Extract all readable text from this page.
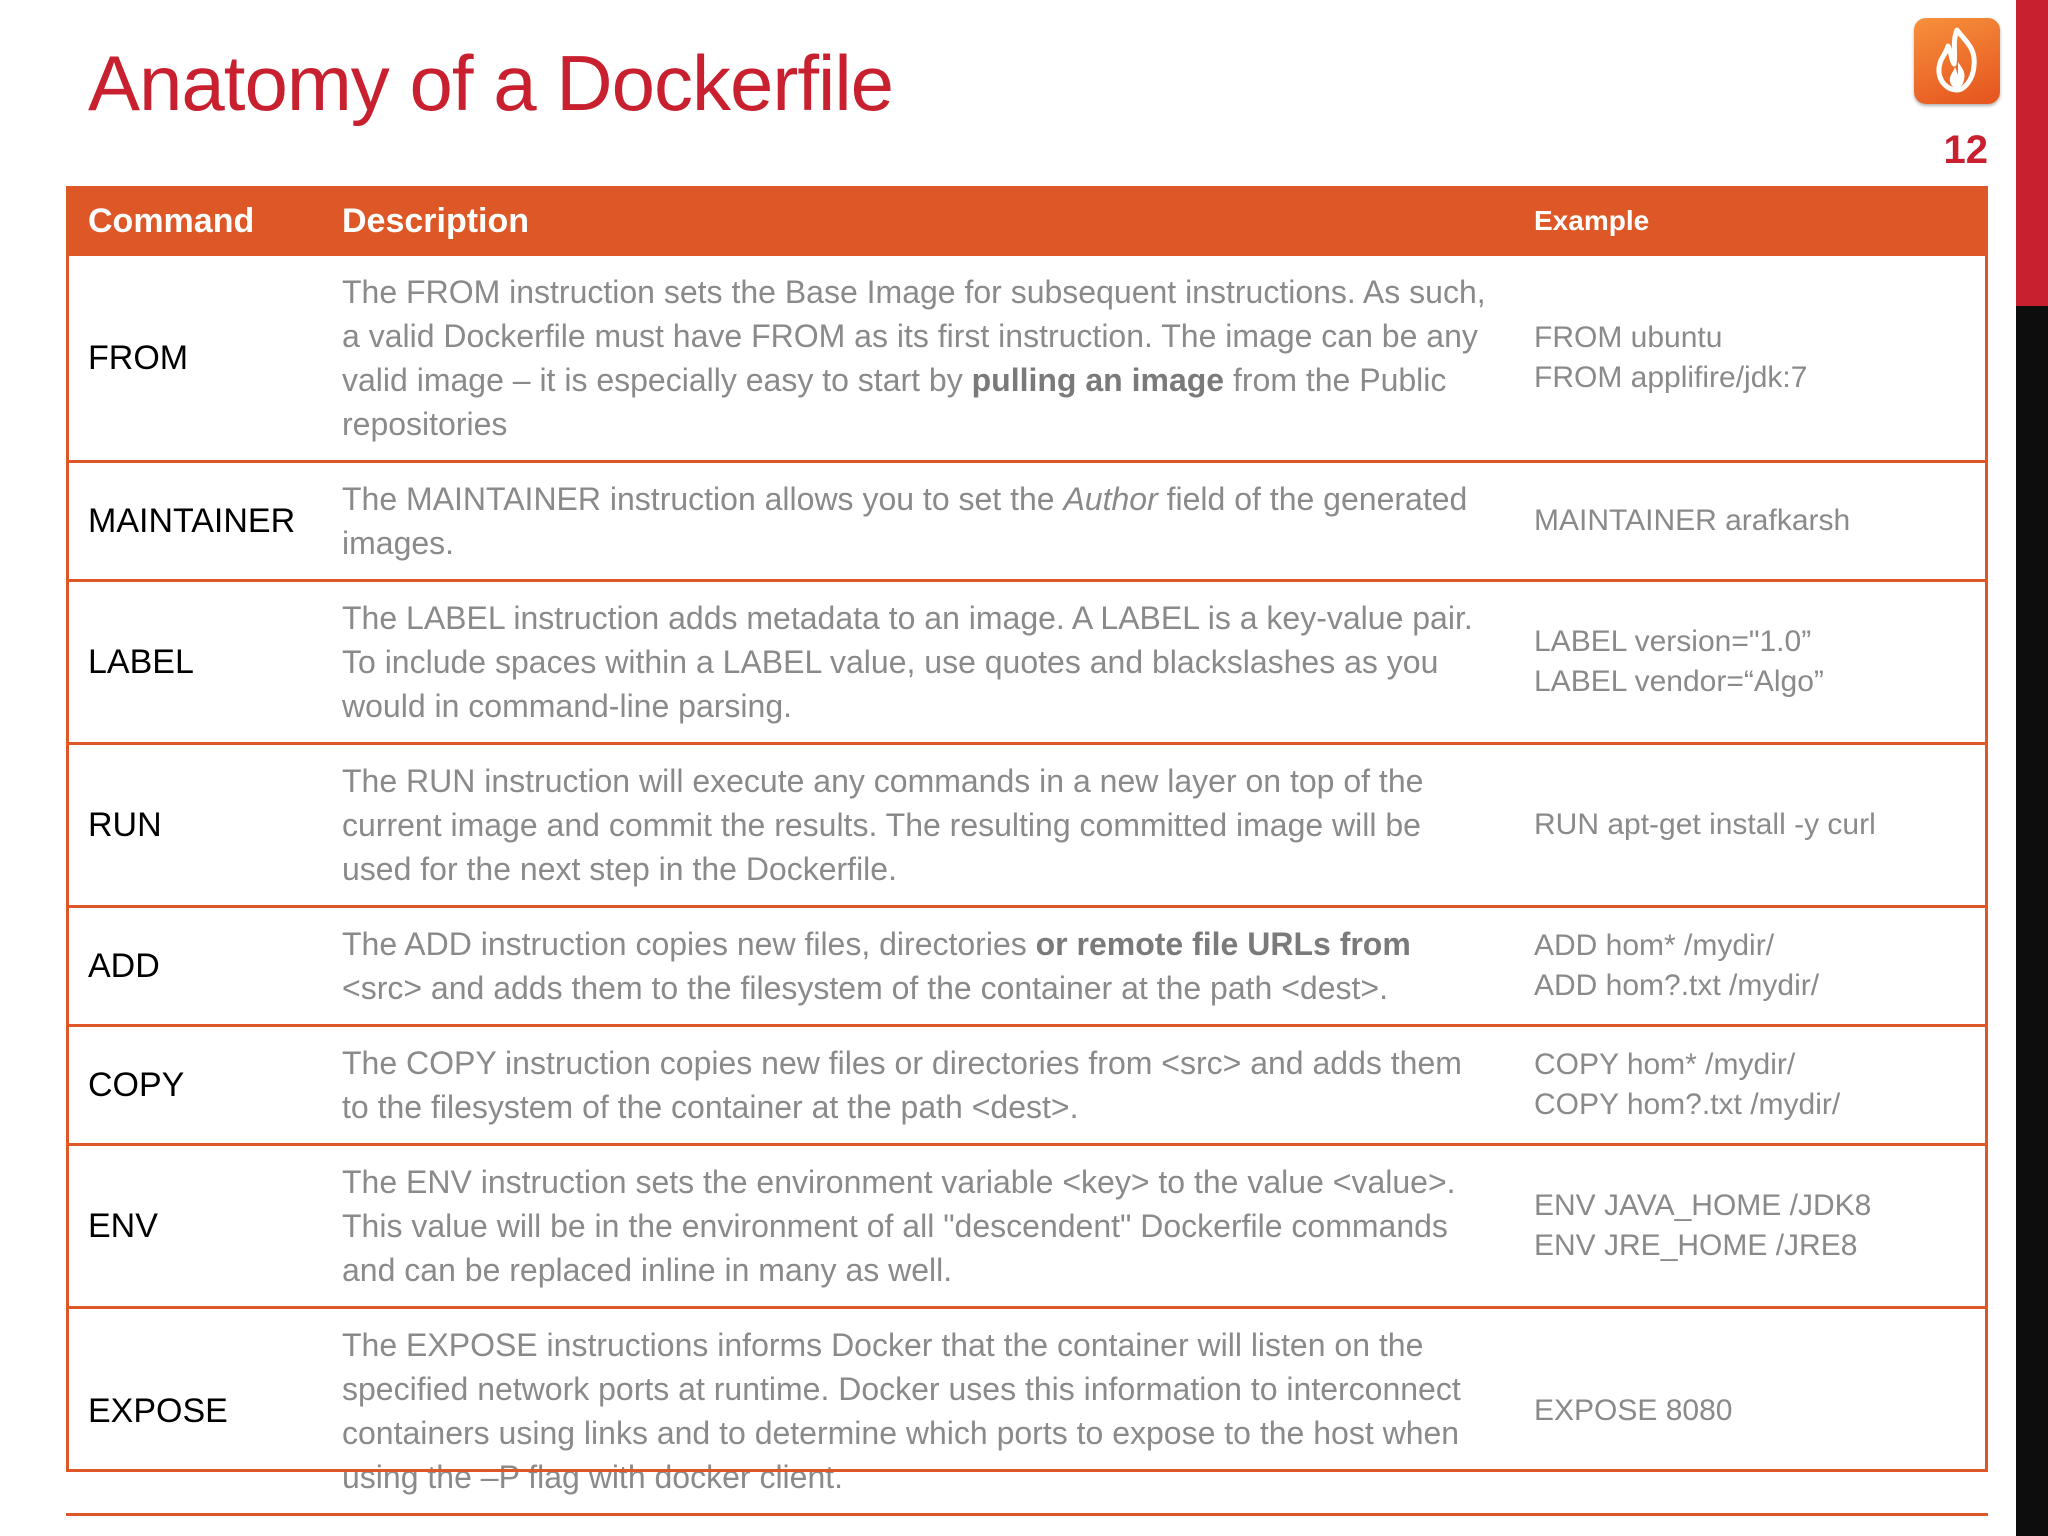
Anatomy of a Dockerfile
12
Command	Description	Example
FROM	The FROM instruction sets the Base Image for subsequent instructions. As such, a valid Dockerfile must have FROM as its first instruction. The image can be any valid image – it is especially easy to start by pulling an image from the Public repositories	FROM ubuntu
FROM applifire/jdk:7

MAINTAINER	The MAINTAINER instruction allows you to set the Author field of the generated images.	MAINTAINER arafkarsh

LABEL	The LABEL instruction adds metadata to an image. A LABEL is a key-value pair. To include spaces within a LABEL value, use quotes and blackslashes as you would in command-line parsing.	LABEL version="1.0”
LABEL vendor=“Algo”

RUN	The RUN instruction will execute any commands in a new layer on top of the current image and commit the results. The resulting committed image will be used for the next step in the Dockerfile.	RUN apt-get install -y curl

ADD	The ADD instruction copies new files, directories or remote file URLs from <src> and adds them to the filesystem of the container at the path <dest>.	ADD hom* /mydir/
ADD hom?.txt /mydir/

COPY	The COPY instruction copies new files or directories from <src> and adds them to the filesystem of the container at the path <dest>.	COPY hom* /mydir/
COPY hom?.txt /mydir/

ENV	The ENV instruction sets the environment variable <key> to the value <value>. This value will be in the environment of all "descendent" Dockerfile commands and can be replaced inline in many as well.	ENV JAVA_HOME /JDK8
ENV JRE_HOME /JRE8

EXPOSE	The EXPOSE instructions informs Docker that the container will listen on the specified network ports at runtime. Docker uses this information to interconnect containers using links and to determine which ports to expose to the host when using the –P flag with docker client.	EXPOSE 8080
